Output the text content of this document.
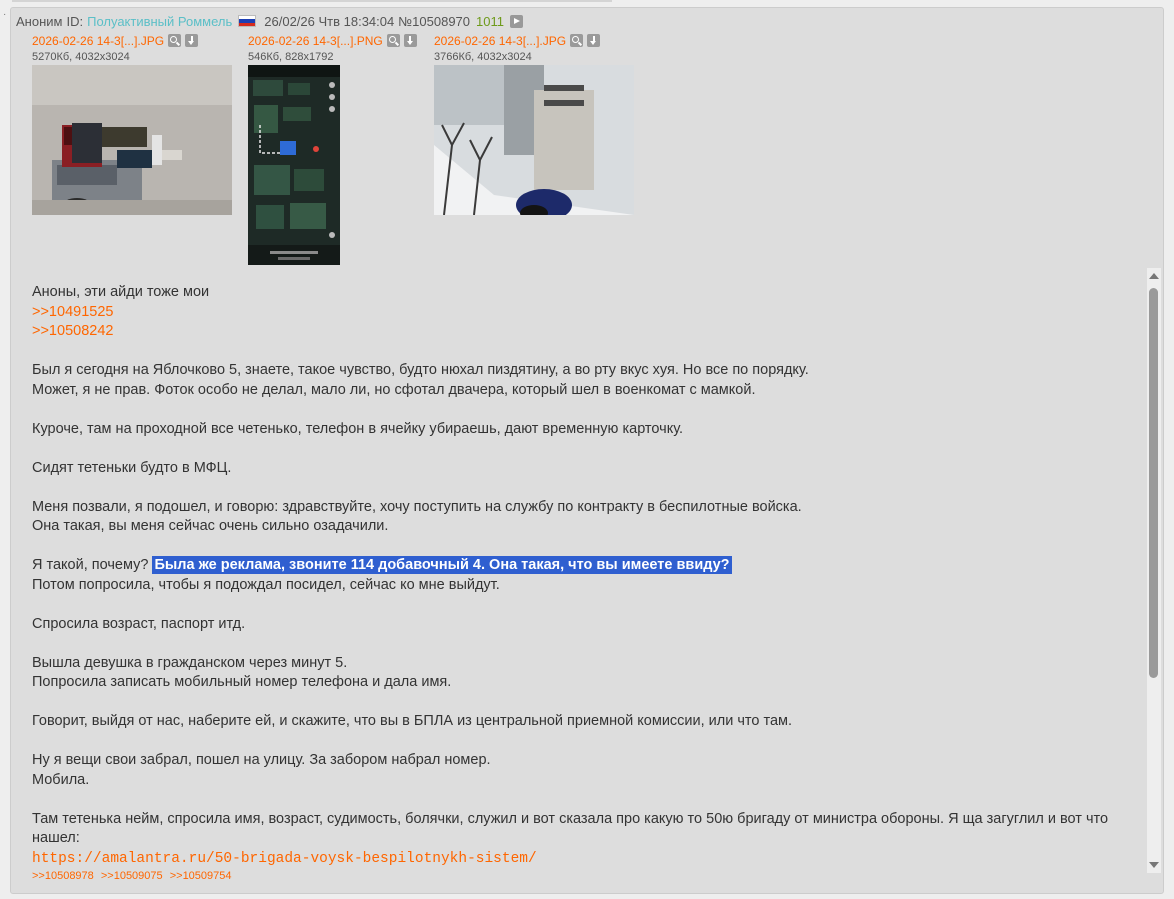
· Аноним ID: Полуактивный Роммель 26/02/26 Чтв 18:34:04 №10508970 1011
2026-02-26 14-3[...].JPG
5270Кб, 4032x3024
2026-02-26 14-3[...].PNG
546Кб, 828x1792
2026-02-26 14-3[...].JPG
3766Кб, 4032x3024

Аноны, эти айди тоже мои

>>10491525

>>10508242

Был я сегодня на Яблочково 5, знаете, такое чувство, будто нюхал пиздятину, а во рту вкус хуя. Но все по порядку.

Может, я не прав. Фоток особо не делал, мало ли, но сфотал двачера, который шел в военкомат с мамкой.

Куроче, там на проходной все четенько, телефон в ячейку убираешь, дают временную карточку.

Сидят тетеньки будто в МФЦ.

Меня позвали, я подошел, и говорю: здравствуйте, хочу поступить на службу по контракту в беспилотные войска.

Она такая, вы меня сейчас очень сильно озадачили.

Я такой, почему? Была же реклама, звоните 114 добавочный 4. Она такая, что вы имеете ввиду?

Потом попросила, чтобы я подождал посидел, сейчас ко мне выйдут.

Спросила возраст, паспорт итд.

Вышла девушка в гражданском через минут 5.

Попросила записать мобильный номер телефона и дала имя.

Говорит, выйдя от нас, наберите ей, и скажите, что вы в БПЛА из центральной приемной комиссии, или что там.

Ну я вещи свои забрал, пошел на улицу. За забором набрал номер.

Мобила.

Там тетенька нейм, спросила имя, возраст, судимость, болячки, служил и вот сказала про какую то 50ю бригаду от министра обороны. Я ща загуглил и вот что нашел:

https://amalantra.ru/50-brigada-voysk-bespilotnykh-sistem/

>>10508978 >>10509075 >>10509754
